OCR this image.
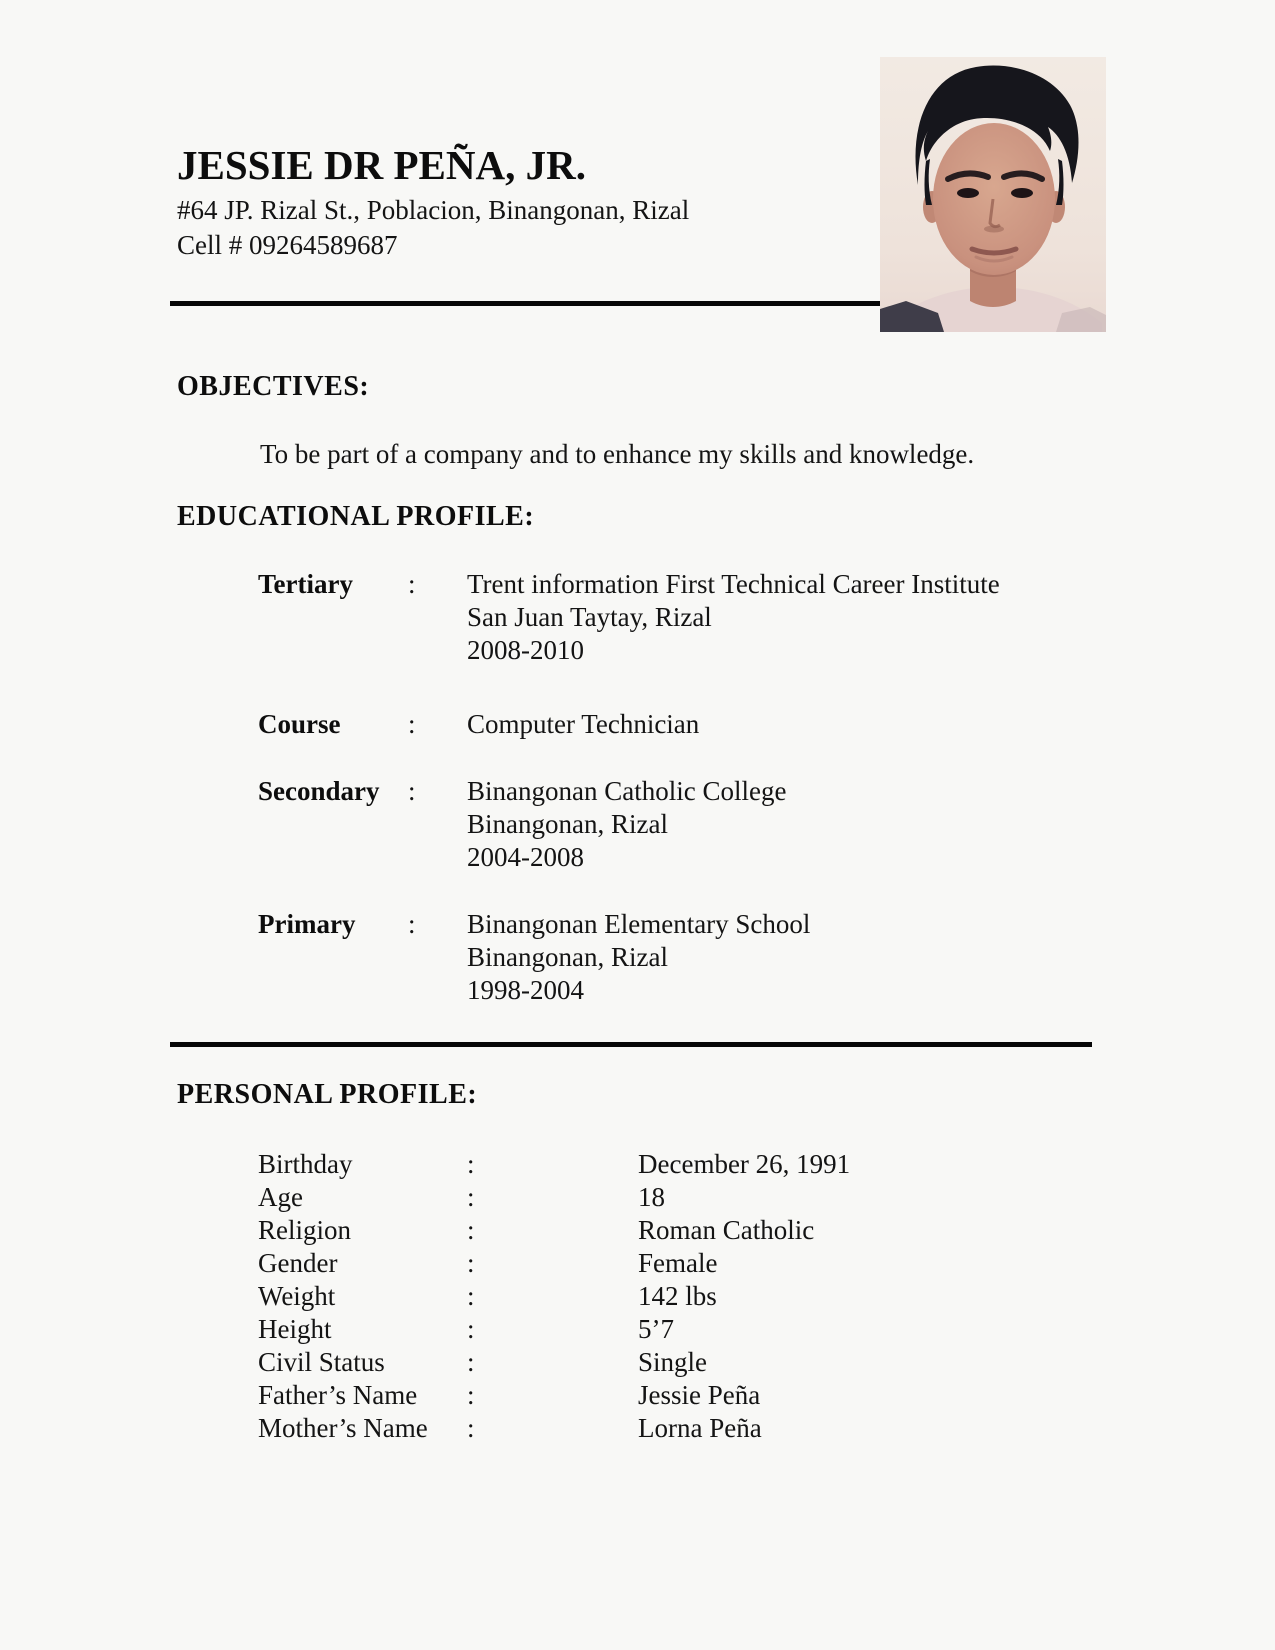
JESSIE DR PEÑA, JR.
#64 JP. Rizal St., Poblacion, Binangonan, Rizal
Cell # 09264589687
OBJECTIVES:
To be part of a company and to enhance my skills and knowledge.
EDUCATIONAL PROFILE:
Tertiary	:	Trent information First Technical Career Institute
San Juan Taytay, Rizal
2008-2010
Course	:	Computer Technician
Secondary	:	Binangonan Catholic College
Binangonan, Rizal
2004-2008
Primary	:	Binangonan Elementary School
Binangonan, Rizal
1998-2004
PERSONAL PROFILE:
Birthday	:	December 26, 1991
Age	:	18
Religion	:	Roman Catholic
Gender	:	Female
Weight	:	142 lbs
Height	:	5’7
Civil Status	:	Single
Father’s Name	:	Jessie Peña
Mother’s Name	:	Lorna Peña
